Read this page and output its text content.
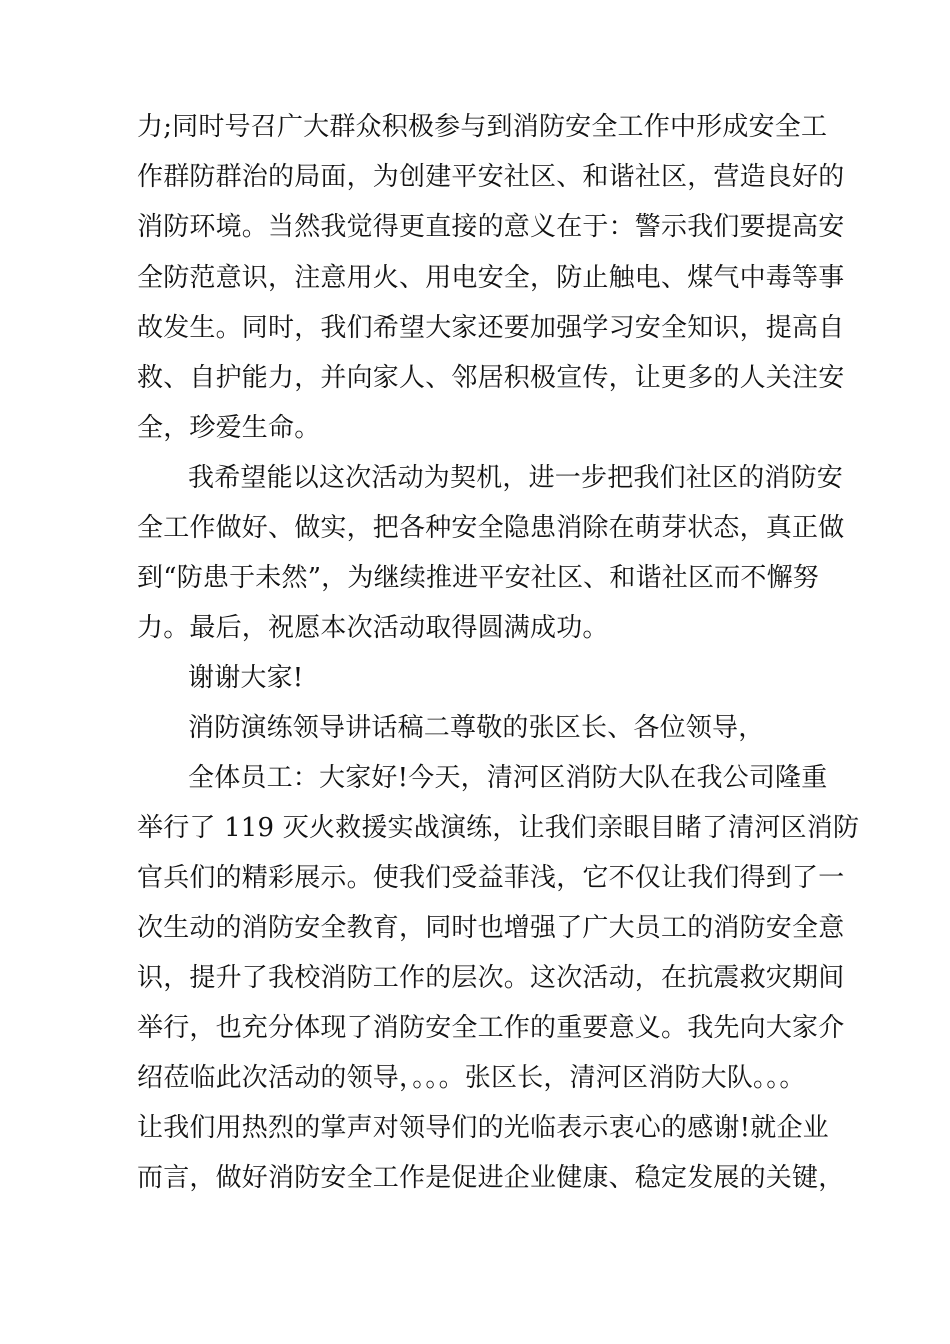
力;同时号召广大群众积极参与到消防安全工作中形成安全工
作群防群治的局面，为创建平安社区、和谐社区，营造良好的
消防环境。当然我觉得更直接的意义在于：警示我们要提高安
全防范意识，注意用火、用电安全，防止触电、煤气中毒等事
故发生。同时，我们希望大家还要加强学习安全知识，提高自
救、自护能力，并向家人、邻居积极宣传，让更多的人关注安
全，珍爱生命。
我希望能以这次活动为契机，进一步把我们社区的消防安
全工作做好、做实，把各种安全隐患消除在萌芽状态，真正做
到“防患于未然”，为继续推进平安社区、和谐社区而不懈努
力。最后，祝愿本次活动取得圆满成功。
谢谢大家!
消防演练领导讲话稿二尊敬的张区长、各位领导，
全体员工：大家好!今天，清河区消防大队在我公司隆重
举行了 119 灭火救援实战演练，让我们亲眼目睹了清河区消防
官兵们的精彩展示。使我们受益菲浅，它不仅让我们得到了一
次生动的消防安全教育，同时也增强了广大员工的消防安全意
识，提升了我校消防工作的层次。这次活动，在抗震救灾期间
举行，也充分体现了消防安全工作的重要意义。我先向大家介
绍莅临此次活动的领导，。。。张区长，清河区消防大队。。。
让我们用热烈的掌声对领导们的光临表示衷心的感谢!就企业
而言，做好消防安全工作是促进企业健康、稳定发展的关键，
